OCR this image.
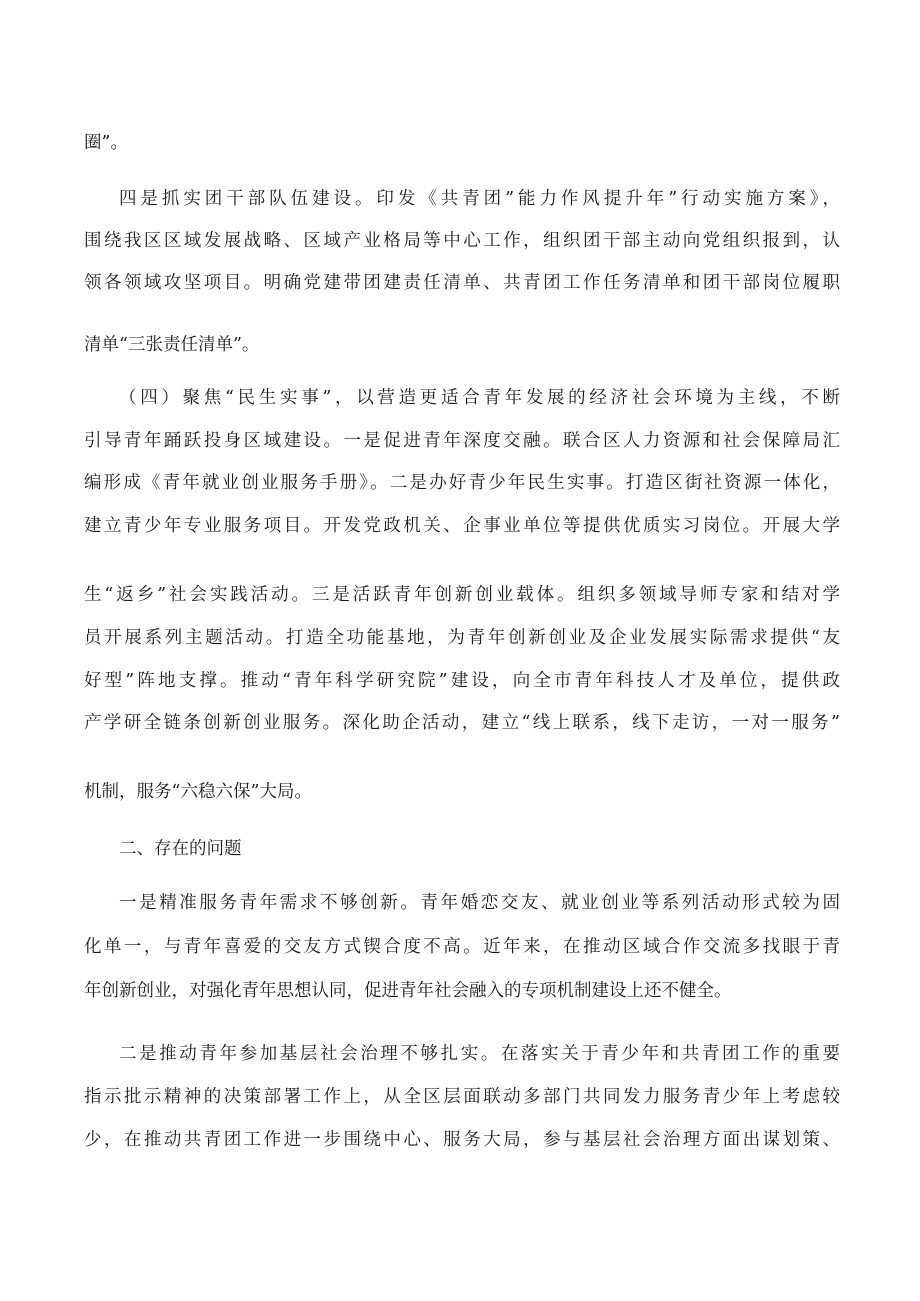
圈”。

四是抓实团干部队伍建设。印发《共青团”能力作风提升年”行动实施方案》，

围绕我区区域发展战略、区域产业格局等中心工作，组织团干部主动向党组织报到，认

领各领域攻坚项目。明确党建带团建责任清单、共青团工作任务清单和团干部岗位履职

清单“三张责任清单”。

（四）聚焦“民生实事”，以营造更适合青年发展的经济社会环境为主线，不断

引导青年踊跃投身区域建设。一是促进青年深度交融。联合区人力资源和社会保障局汇

编形成《青年就业创业服务手册》。二是办好青少年民生实事。打造区街社资源一体化，

建立青少年专业服务项目。开发党政机关、企事业单位等提供优质实习岗位。开展大学

生“返乡”社会实践活动。三是活跃青年创新创业载体。组织多领域导师专家和结对学

员开展系列主题活动。打造全功能基地，为青年创新创业及企业发展实际需求提供“友

好型”阵地支撑。推动“青年科学研究院”建设，向全市青年科技人才及单位，提供政

产学研全链条创新创业服务。深化助企活动，建立“线上联系，线下走访，一对一服务”

机制，服务“六稳六保”大局。

二、存在的问题

一是精准服务青年需求不够创新。青年婚恋交友、就业创业等系列活动形式较为固

化单一，与青年喜爱的交友方式锲合度不高。近年来，在推动区域合作交流多找眼于青

年创新创业，对强化青年思想认同，促进青年社会融入的专项机制建设上还不健全。

二是推动青年参加基层社会治理不够扎实。在落实关于青少年和共青团工作的重要

指示批示精神的决策部署工作上，从全区层面联动多部门共同发力服务青少年上考虑较

少，在推动共青团工作进一步围绕中心、服务大局，参与基层社会治理方面出谋划策、
